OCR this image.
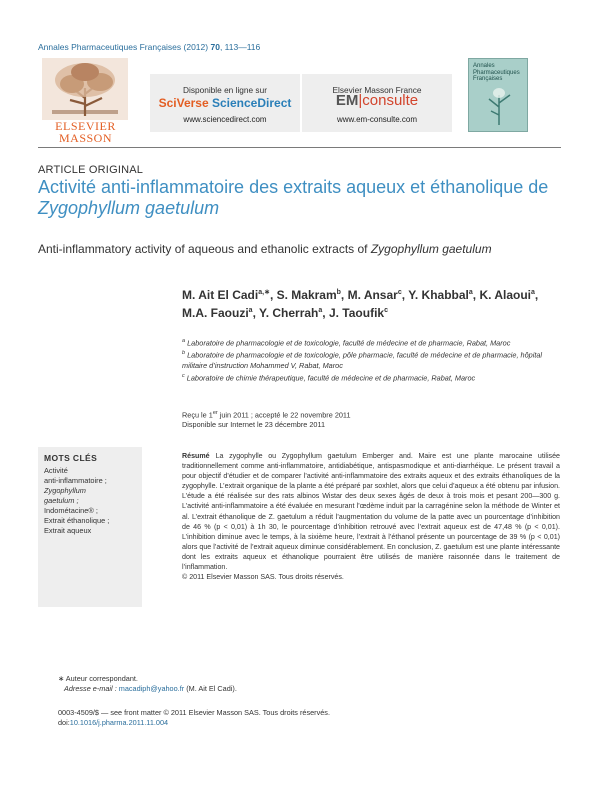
Annales Pharmaceutiques Françaises (2012) 70, 113—116
ELSEVIER
MASSON
Disponible en ligne sur
SciVerse ScienceDirect
www.sciencedirect.com
Elsevier Masson France
EM|consulte
www.em-consulte.com
Annales Pharmaceutiques Françaises
ARTICLE ORIGINAL
Activité anti-inflammatoire des extraits aqueux et éthanolique de Zygophyllum gaetulum
Anti-inflammatory activity of aqueous and ethanolic extracts of Zygophyllum gaetulum
M. Ait El Cadi$^{a,∗}$, S. Makram$^b$, M. Ansar$^c$, Y. Khabbal$^a$, K. Alaoui$^a$, M.A. Faouzi$^a$, Y. Cherrah$^a$, J. Taoufik$^c$
$^a$ Laboratoire de pharmacologie et de toxicologie, faculté de médecine et de pharmacie, Rabat, Maroc
$^b$ Laboratoire de pharmacologie et de toxicologie, pôle pharmacie, faculté de médecine et de pharmacie, hôpital militaire d’instruction Mohammed V, Rabat, Maroc
$^c$ Laboratoire de chimie thérapeutique, faculté de médecine et de pharmacie, Rabat, Maroc
Reçu le 1er juin 2011 ; accepté le 22 novembre 2011
Disponible sur Internet le 23 décembre 2011
MOTS CLÉS
Activité
anti-inflammatoire ;
Zygophyllum
gaetulum ;
Indométacine® ;
Extrait éthanolique ;
Extrait aqueux
Résumé La zygophylle ou Zygophyllum gaetulum Emberger and. Maire est une plante marocaine utilisée traditionnellement comme anti-inflammatoire, antidiabétique, antispasmodique et anti-diarrhéique. Le présent travail a pour objectif d’étudier et de comparer l’activité anti-inflammatoire des extraits aqueux et des extraits éthanoliques de la zygophylle. L’extrait organique de la plante a été préparé par soxhlet, alors que celui d’aqueux a été obtenu par infusion. L’étude a été réalisée sur des rats albinos Wistar des deux sexes âgés de deux à trois mois et pesant 200—300 g. L’activité anti-inflammatoire a été évaluée en mesurant l’œdème induit par la carragénine selon la méthode de Winter et al. L’extrait éthanolique de Z. gaetulum a réduit l’augmentation du volume de la patte avec un pourcentage d’inhibition de 46 % (p < 0,01) à 1h 30, le pourcentage d’inhibition retrouvé avec l’extrait aqueux est de 47,48 % (p < 0,01). L’inhibition diminue avec le temps, à la sixième heure, l’extrait à l’éthanol présente un pourcentage de 39 % (p < 0,01) alors que l’activité de l’extrait aqueux diminue considérablement. En conclusion, Z. gaetulum est une plante intéressante dont les extraits aqueux et éthanolique pourraient être utilisés de manière raisonnée dans le traitement de l’inflammation.
© 2011 Elsevier Masson SAS. Tous droits réservés.
∗ Auteur correspondant.
Adresse e-mail : macadiph@yahoo.fr (M. Ait El Cadi).
0003-4509/$ — see front matter © 2011 Elsevier Masson SAS. Tous droits réservés.
doi:10.1016/j.pharma.2011.11.004
